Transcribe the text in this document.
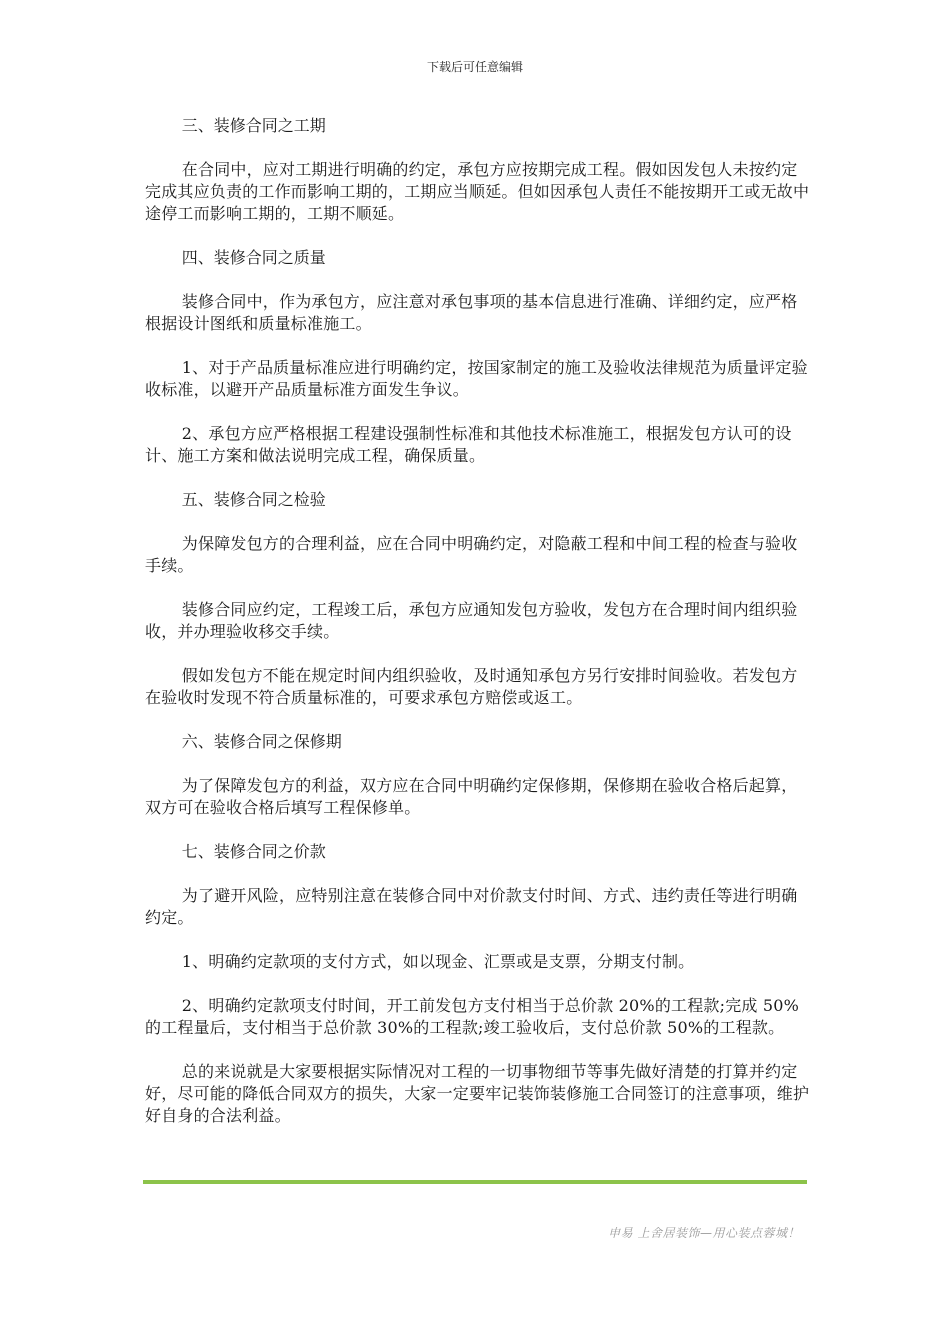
下载后可任意编辑

三、装修合同之工期

在合同中，应对工期进行明确的约定，承包方应按期完成工程。假如因发包人未按约定完成其应负责的工作而影响工期的，工期应当顺延。但如因承包人责任不能按期开工或无故中途停工而影响工期的，工期不顺延。

四、装修合同之质量

装修合同中，作为承包方，应注意对承包事项的基本信息进行准确、详细约定，应严格根据设计图纸和质量标准施工。

1、对于产品质量标准应进行明确约定，按国家制定的施工及验收法律规范为质量评定验收标准，以避开产品质量标准方面发生争议。

2、承包方应严格根据工程建设强制性标准和其他技术标准施工，根据发包方认可的设计、施工方案和做法说明完成工程，确保质量。

五、装修合同之检验

为保障发包方的合理利益，应在合同中明确约定，对隐蔽工程和中间工程的检查与验收手续。

装修合同应约定，工程竣工后，承包方应通知发包方验收，发包方在合理时间内组织验收，并办理验收移交手续。

假如发包方不能在规定时间内组织验收，及时通知承包方另行安排时间验收。若发包方在验收时发现不符合质量标准的，可要求承包方赔偿或返工。

六、装修合同之保修期

为了保障发包方的利益，双方应在合同中明确约定保修期，保修期在验收合格后起算，双方可在验收合格后填写工程保修单。

七、装修合同之价款

为了避开风险，应特别注意在装修合同中对价款支付时间、方式、违约责任等进行明确约定。

1、明确约定款项的支付方式，如以现金、汇票或是支票，分期支付制。

2、明确约定款项支付时间，开工前发包方支付相当于总价款 20%的工程款;完成 50%的工程量后，支付相当于总价款 30%的工程款;竣工验收后，支付总价款 50%的工程款。

总的来说就是大家要根据实际情况对工程的一切事物细节等事先做好清楚的打算并约定好，尽可能的降低合同双方的损失，大家一定要牢记装饰装修施工合同签订的注意事项，维护好自身的合法利益。

申易 上舍居装饰—用心装点蓉城！
